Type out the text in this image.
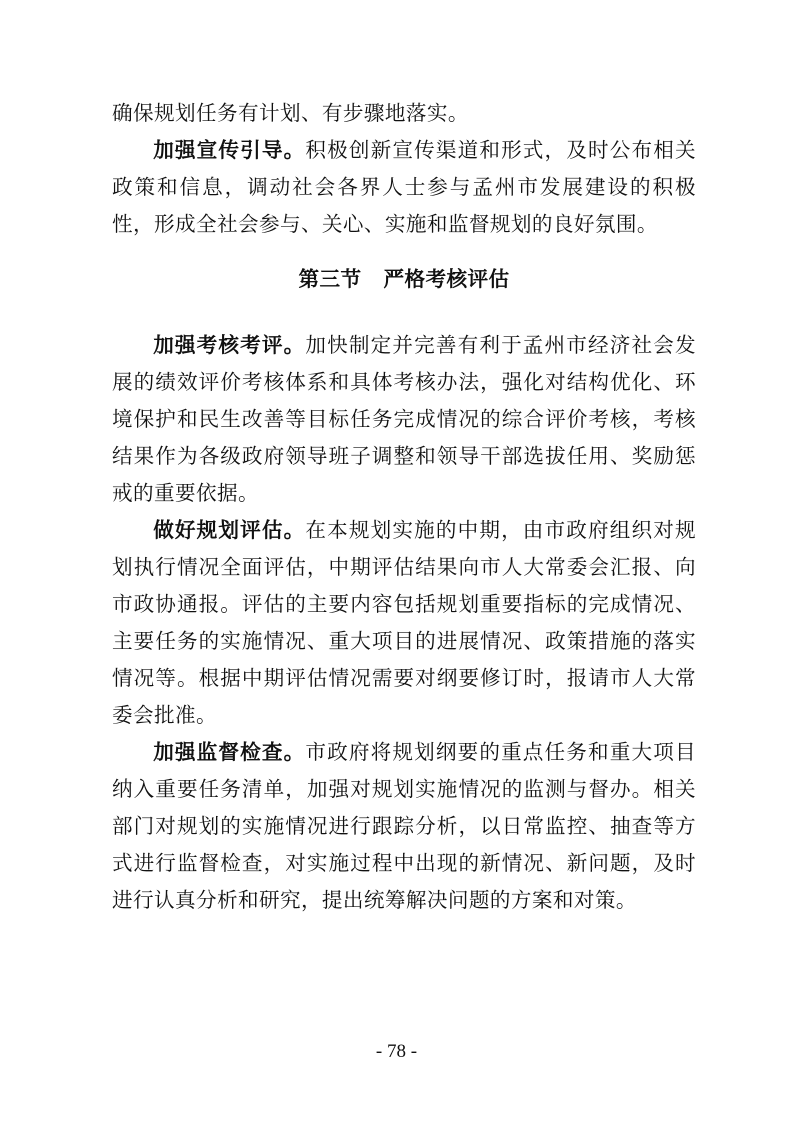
确保规划任务有计划、有步骤地落实。

加强宣传引导。积极创新宣传渠道和形式，及时公布相关政策和信息，调动社会各界人士参与孟州市发展建设的积极性，形成全社会参与、关心、实施和监督规划的良好氛围。

第三节 严格考核评估

加强考核考评。加快制定并完善有利于孟州市经济社会发展的绩效评价考核体系和具体考核办法，强化对结构优化、环境保护和民生改善等目标任务完成情况的综合评价考核，考核结果作为各级政府领导班子调整和领导干部选拔任用、奖励惩戒的重要依据。

做好规划评估。在本规划实施的中期，由市政府组织对规划执行情况全面评估，中期评估结果向市人大常委会汇报、向市政协通报。评估的主要内容包括规划重要指标的完成情况、主要任务的实施情况、重大项目的进展情况、政策措施的落实情况等。根据中期评估情况需要对纲要修订时，报请市人大常委会批准。

加强监督检查。市政府将规划纲要的重点任务和重大项目纳入重要任务清单，加强对规划实施情况的监测与督办。相关部门对规划的实施情况进行跟踪分析，以日常监控、抽查等方式进行监督检查，对实施过程中出现的新情况、新问题，及时进行认真分析和研究，提出统筹解决问题的方案和对策。

- 78 -
